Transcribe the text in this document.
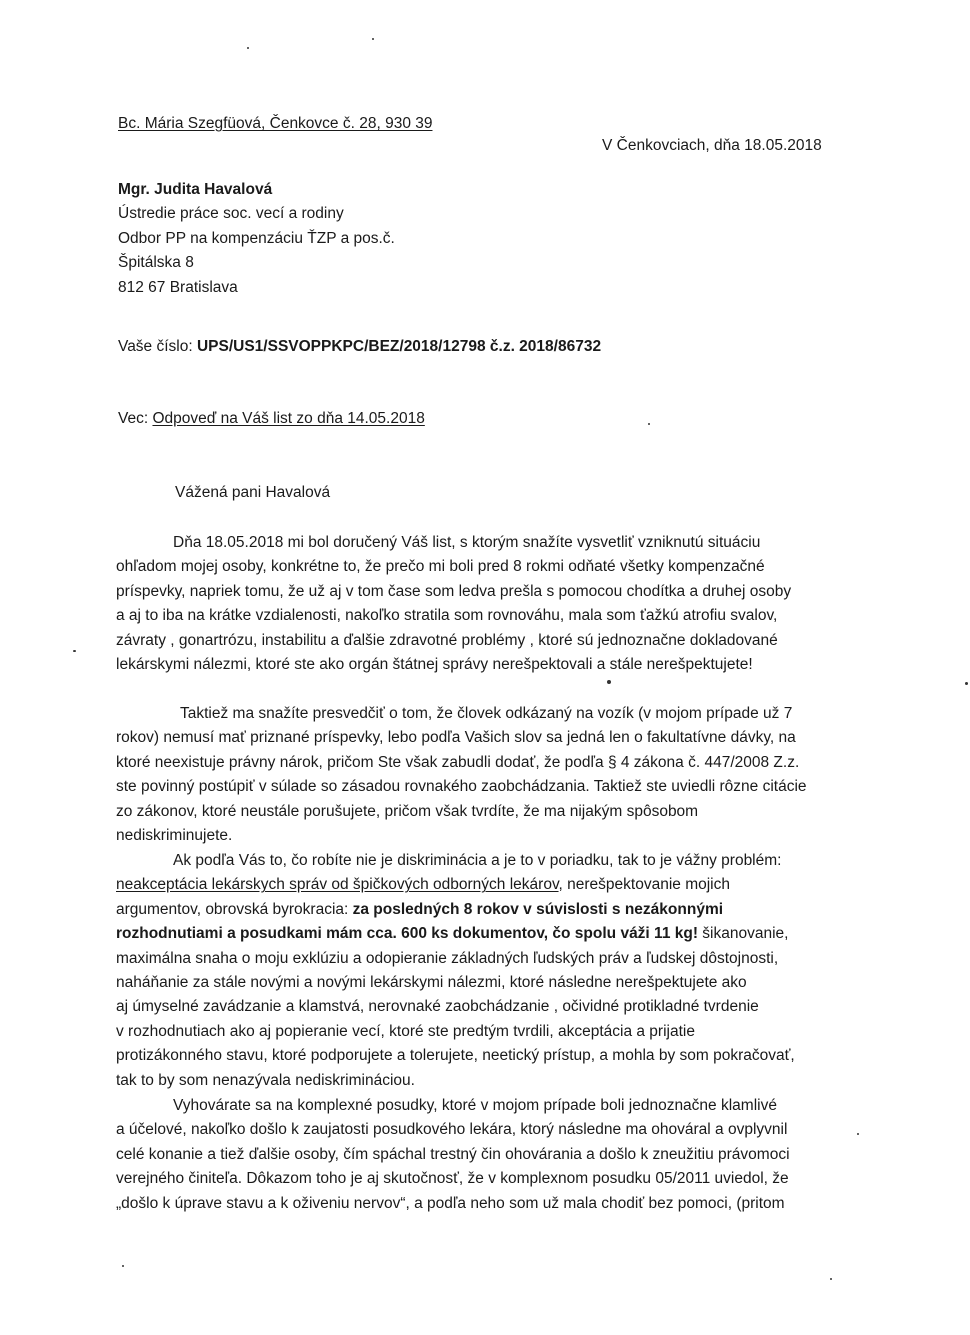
Bc. Mária Szegfüová, Čenkovce č. 28, 930 39
V Čenkovciach, dňa 18.05.2018
Mgr. Judita Havalová
Ústredie práce soc. vecí a rodiny
Odbor PP na kompenzáciu ŤZP a pos.č.
Špitálska 8
812 67 Bratislava
Vaše číslo: UPS/US1/SSVOPPKPC/BEZ/2018/12798 č.z. 2018/86732
Vec: Odpoveď na Váš list zo dňa 14.05.2018
Vážená pani Havalová
Dňa 18.05.2018 mi bol doručený Váš list, s ktorým snažíte vysvetliť vzniknutú situáciu
ohľadom mojej osoby, konkrétne to, že prečo mi boli pred 8 rokmi odňaté všetky kompenzačné
príspevky, napriek tomu, že už aj v tom čase som ledva prešla s pomocou chodítka a druhej osoby
a aj to iba na krátke vzdialenosti, nakoľko stratila som rovnováhu, mala som ťažkú atrofiu svalov,
závraty , gonartrózu, instabilitu a ďalšie zdravotné problémy , ktoré sú jednoznačne dokladované
lekárskymi nálezmi, ktoré ste ako orgán štátnej správy nerešpektovali a stále nerešpektujete!
Taktiež ma snažíte presvedčiť o tom, že človek odkázaný na vozík (v mojom prípade už 7
rokov) nemusí mať priznané príspevky, lebo podľa Vašich slov sa jedná len o fakultatívne dávky, na
ktoré neexistuje právny nárok, pričom Ste však zabudli dodať, že podľa § 4 zákona č. 447/2008 Z.z.
ste povinný postúpiť v súlade so zásadou rovnakého zaobchádzania. Taktiež ste uviedli rôzne citácie
zo zákonov, ktoré neustále porušujete, pričom však tvrdíte, že ma nijakým spôsobom
nediskriminujete.
Ak podľa Vás to, čo robíte nie je diskriminácia a je to v poriadku, tak to je vážny problém:
neakceptácia lekárskych správ od špičkových odborných lekárov, nerešpektovanie mojich
argumentov, obrovská byrokracia: za posledných 8 rokov v súvislosti s nezákonnými
rozhodnutiami a posudkami mám cca. 600 ks dokumentov, čo spolu váži 11 kg! šikanovanie,
maximálna snaha o moju exklúziu a odopieranie základných ľudských práv a ľudskej dôstojnosti,
naháňanie za stále novými a novými lekárskymi nálezmi, ktoré následne nerešpektujete ako
aj úmyselné zavádzanie a klamstvá, nerovnaké zaobchádzanie , očividné protikladné tvrdenie
v rozhodnutiach ako aj popieranie vecí, ktoré ste predtým tvrdili, akceptácia a prijatie
protizákonného stavu, ktoré podporujete a tolerujete, neetický prístup, a mohla by som pokračovať,
tak to by som nenazývala nediskrimináciou.
Vyhovárate sa na komplexné posudky, ktoré v mojom prípade boli jednoznačne klamlivé
a účelové, nakoľko došlo k zaujatosti posudkového lekára, ktorý následne ma ohováral a ovplyvnil
celé konanie a tiež ďalšie osoby, čím spáchal trestný čin ohovárania a došlo k zneužitiu právomoci
verejného činiteľa. Dôkazom toho je aj skutočnosť, že v komplexnom posudku 05/2011 uviedol, že
„došlo k úprave stavu a k oživeniu nervov“, a podľa neho som už mala chodiť bez pomoci, (pritom
